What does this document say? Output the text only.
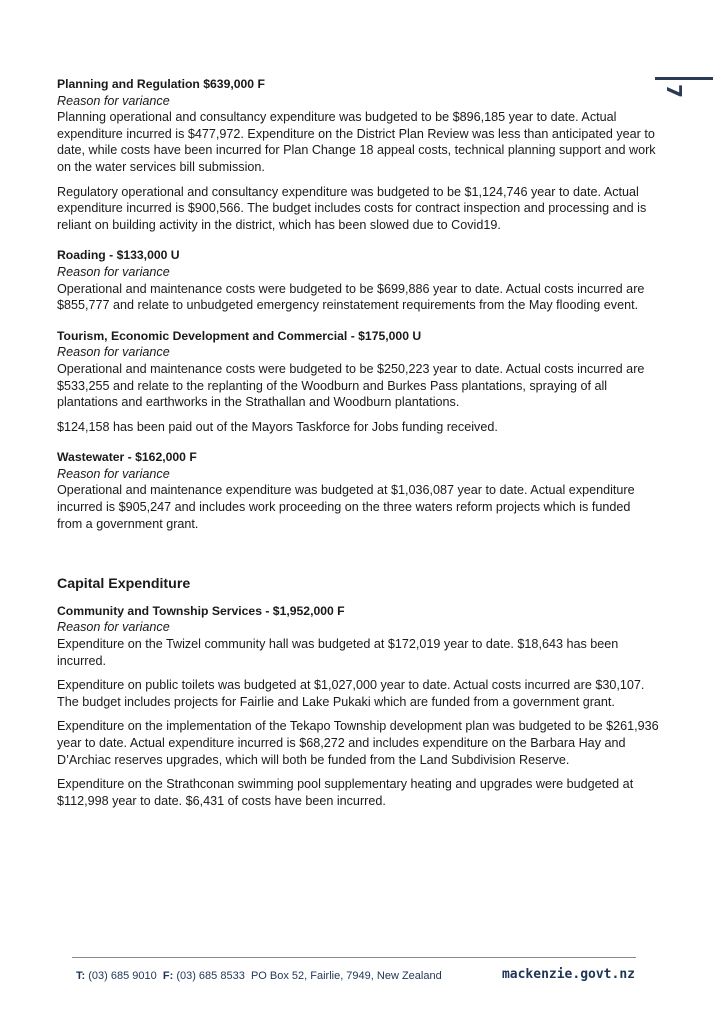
7

Planning and Regulation $639,000 F

Reason for variance

Planning operational and consultancy expenditure was budgeted to be $896,185 year to date. Actual expenditure incurred is $477,972. Expenditure on the District Plan Review was less than anticipated year to date, while costs have been incurred for Plan Change 18 appeal costs, technical planning support and work on the water services bill submission.

Regulatory operational and consultancy expenditure was budgeted to be $1,124,746 year to date. Actual expenditure incurred is $900,566. The budget includes costs for contract inspection and processing and is reliant on building activity in the district, which has been slowed due to Covid19.

Roading - $133,000 U

Reason for variance

Operational and maintenance costs were budgeted to be $699,886 year to date. Actual costs incurred are $855,777 and relate to unbudgeted emergency reinstatement requirements from the May flooding event.

Tourism, Economic Development and Commercial - $175,000 U

Reason for variance

Operational and maintenance costs were budgeted to be $250,223 year to date. Actual costs incurred are $533,255 and relate to the replanting of the Woodburn and Burkes Pass plantations, spraying of all plantations and earthworks in the Strathallan and Woodburn plantations.

$124,158 has been paid out of the Mayors Taskforce for Jobs funding received.

Wastewater - $162,000 F

Reason for variance

Operational and maintenance expenditure was budgeted at $1,036,087 year to date. Actual expenditure incurred is $905,247 and includes work proceeding on the three waters reform projects which is funded from a government grant.

Capital Expenditure

Community and Township Services - $1,952,000 F

Reason for variance

Expenditure on the Twizel community hall was budgeted at $172,019 year to date. $18,643 has been incurred.

Expenditure on public toilets was budgeted at $1,027,000 year to date. Actual costs incurred are $30,107. The budget includes projects for Fairlie and Lake Pukaki which are funded from a government grant.

Expenditure on the implementation of the Tekapo Township development plan was budgeted to be $261,936 year to date. Actual expenditure incurred is $68,272 and includes expenditure on the Barbara Hay and D’Archiac reserves upgrades, which will both be funded from the Land Subdivision Reserve.

Expenditure on the Strathconan swimming pool supplementary heating and upgrades were budgeted at $112,998 year to date. $6,431 of costs have been incurred.

T: (03) 685 9010 F: (03) 685 8533 PO Box 52, Fairlie, 7949, New Zealand	mackenzie.govt.nz
